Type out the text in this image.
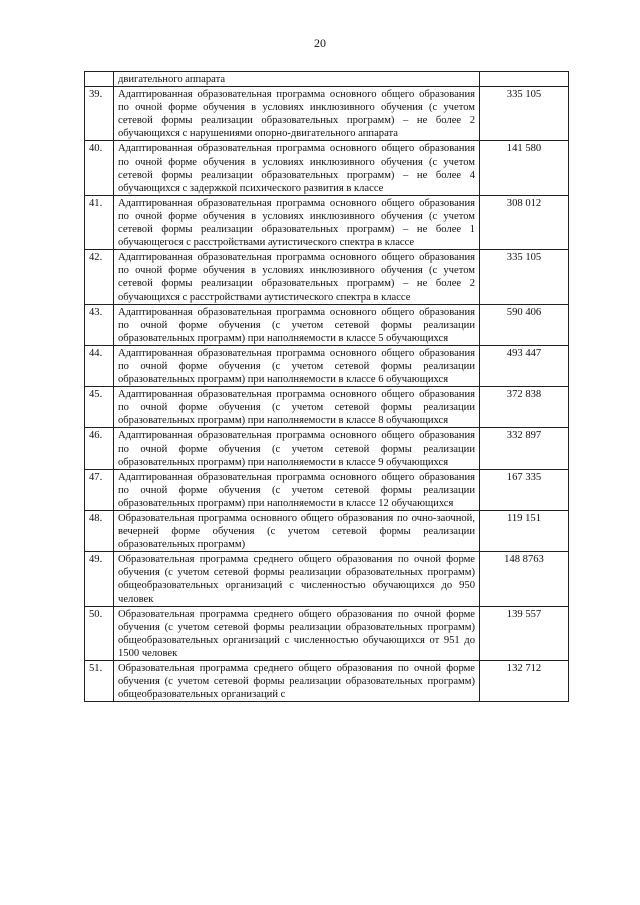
20
	двигательного аппарата	
39.	Адаптированная образовательная программа основного общего образования по очной форме обучения в условиях инклюзивного обучения (с учетом сетевой формы реализации образовательных программ) – не более 2 обучающихся с нарушениями опорно-двигательного аппарата	335 105
40.	Адаптированная образовательная программа основного общего образования по очной форме обучения в условиях инклюзивного обучения (с учетом сетевой формы реализации образовательных программ) – не более 4 обучающихся с задержкой психического развития в классе	141 580
41.	Адаптированная образовательная программа основного общего образования по очной форме обучения в условиях инклюзивного обучения (с учетом сетевой формы реализации образовательных программ) – не более 1 обучающегося с расстройствами аутистического спектра в классе	308 012
42.	Адаптированная образовательная программа основного общего образования по очной форме обучения в условиях инклюзивного обучения (с учетом сетевой формы реализации образовательных программ) – не более 2 обучающихся с расстройствами аутистического спектра в классе	335 105
43.	Адаптированная образовательная программа основного общего образования по очной форме обучения (с учетом сетевой формы реализации образовательных программ) при наполняемости в классе 5 обучающихся	590 406
44.	Адаптированная образовательная программа основного общего образования по очной форме обучения (с учетом сетевой формы реализации образовательных программ) при наполняемости в классе 6 обучающихся	493 447
45.	Адаптированная образовательная программа основного общего образования по очной форме обучения (с учетом сетевой формы реализации образовательных программ) при наполняемости в классе 8 обучающихся	372 838
46.	Адаптированная образовательная программа основного общего образования по очной форме обучения (с учетом сетевой формы реализации образовательных программ) при наполняемости в классе 9 обучающихся	332 897
47.	Адаптированная образовательная программа основного общего образования по очной форме обучения (с учетом сетевой формы реализации образовательных программ) при наполняемости в классе 12 обучающихся	167 335
48.	Образовательная программа основного общего образования по очно-заочной, вечерней форме обучения (с учетом сетевой формы реализации образовательных программ)	119 151
49.	Образовательная программа среднего общего образования по очной форме обучения (с учетом сетевой формы реализации образовательных программ) общеобразовательных организаций с численностью обучающихся до 950 человек	148 8763
50.	Образовательная программа среднего общего образования по очной форме обучения (с учетом сетевой формы реализации образовательных программ) общеобразовательных организаций с численностью обучающихся от 951 до 1500 человек	139 557
51.	Образовательная программа среднего общего образования по очной форме обучения (с учетом сетевой формы реализации образовательных программ) общеобразовательных организаций с	132 712
